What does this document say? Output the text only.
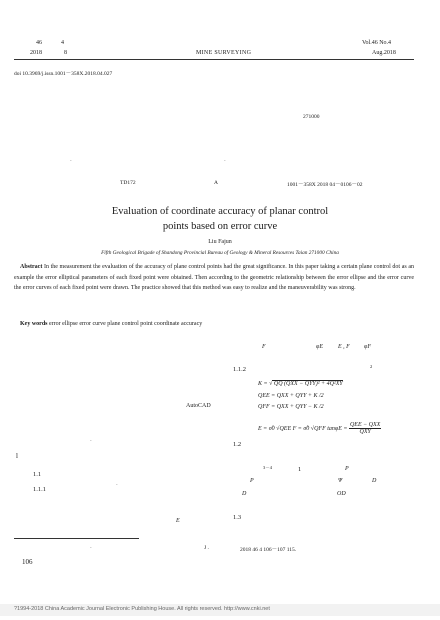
46	4
2018	8	MINE SURVEYING
Vol.46 No.4
Aug.2018
doi 10.3969/j.issn.1001－358X.2018.04.027
271000
·	·
TD172	A	1001－358X 2018 04－0106－02
Evaluation of coordinate accuracy of planar control
points based on error curve
Liu Fajun
Fifth Geological Brigade of Shandong Provincial Bureau of Geology & Mineral Resources Taian 271000 China
Abstract In the measurement the evaluation of the accuracy of plane control points had the great significance. In this paper taking a certain plane control dot as an example the error elliptical parameters of each fixed point were obtained. Then according to the geometric relationship between the error ellipse and the error curve the error curves of each fixed point were drawn. The practice showed that this method was easy to realize and the maneuverability was strong.
Key words error ellipse error curve plane control point coordinate accuracy
AutoCAD
·
l
1.1
·
1.1.1
E
·
106
F	φE	E , F φF
1.1.2	2
K = √ QQ (QXX − QYY)² + 4Q²XY
QEE = QXX + QYY + K /2
QFF = QXX + QYY − K /2
E = σ̂0 √QEE F = σ̂0 √QFF $\tan\varphi E = \frac{\text{QEE − QXX}}{\text{QXY}}$
1.2
3－4	1	P
P	Ψ	D
D	OD
1.3
J .	2018 46 4 106－107 115.
?1994-2018 China Academic Journal Electronic Publishing House. All rights reserved. http://www.cnki.net
